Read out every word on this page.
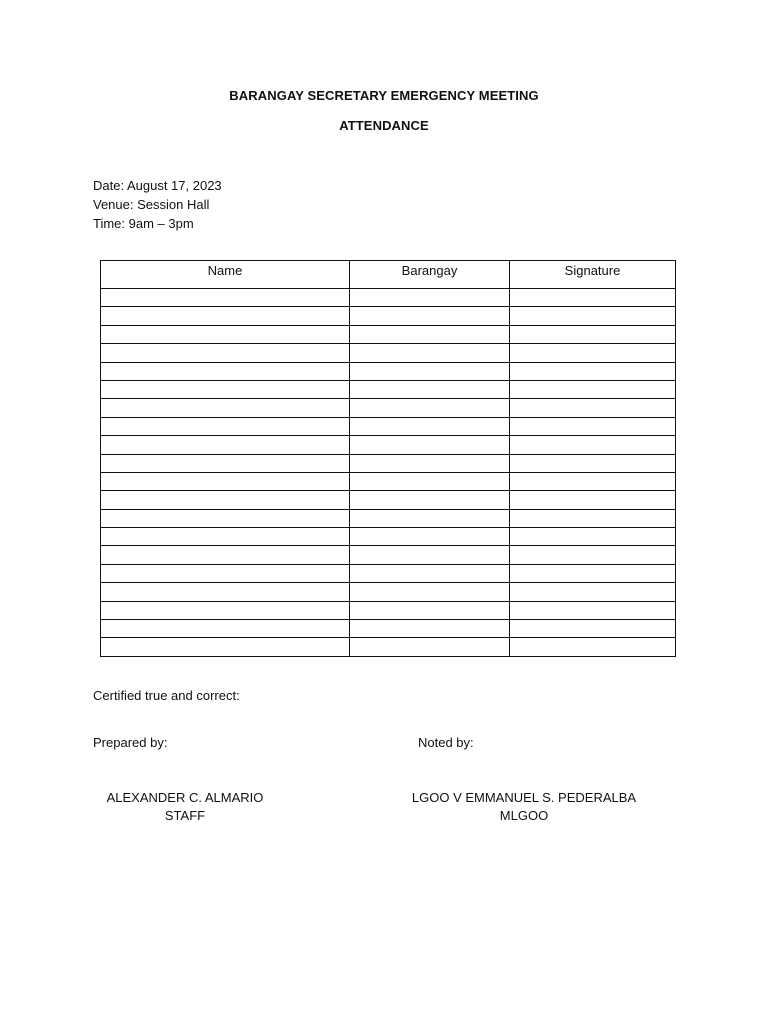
BARANGAY SECRETARY EMERGENCY MEETING
ATTENDANCE
Date: August 17, 2023
Venue: Session Hall
Time: 9am – 3pm
Name	Barangay	Signature

Certified true and correct:
Prepared by:	Noted by:
ALEXANDER C. ALMARIO
STAFF
LGOO V EMMANUEL S. PEDERALBA
MLGOO
